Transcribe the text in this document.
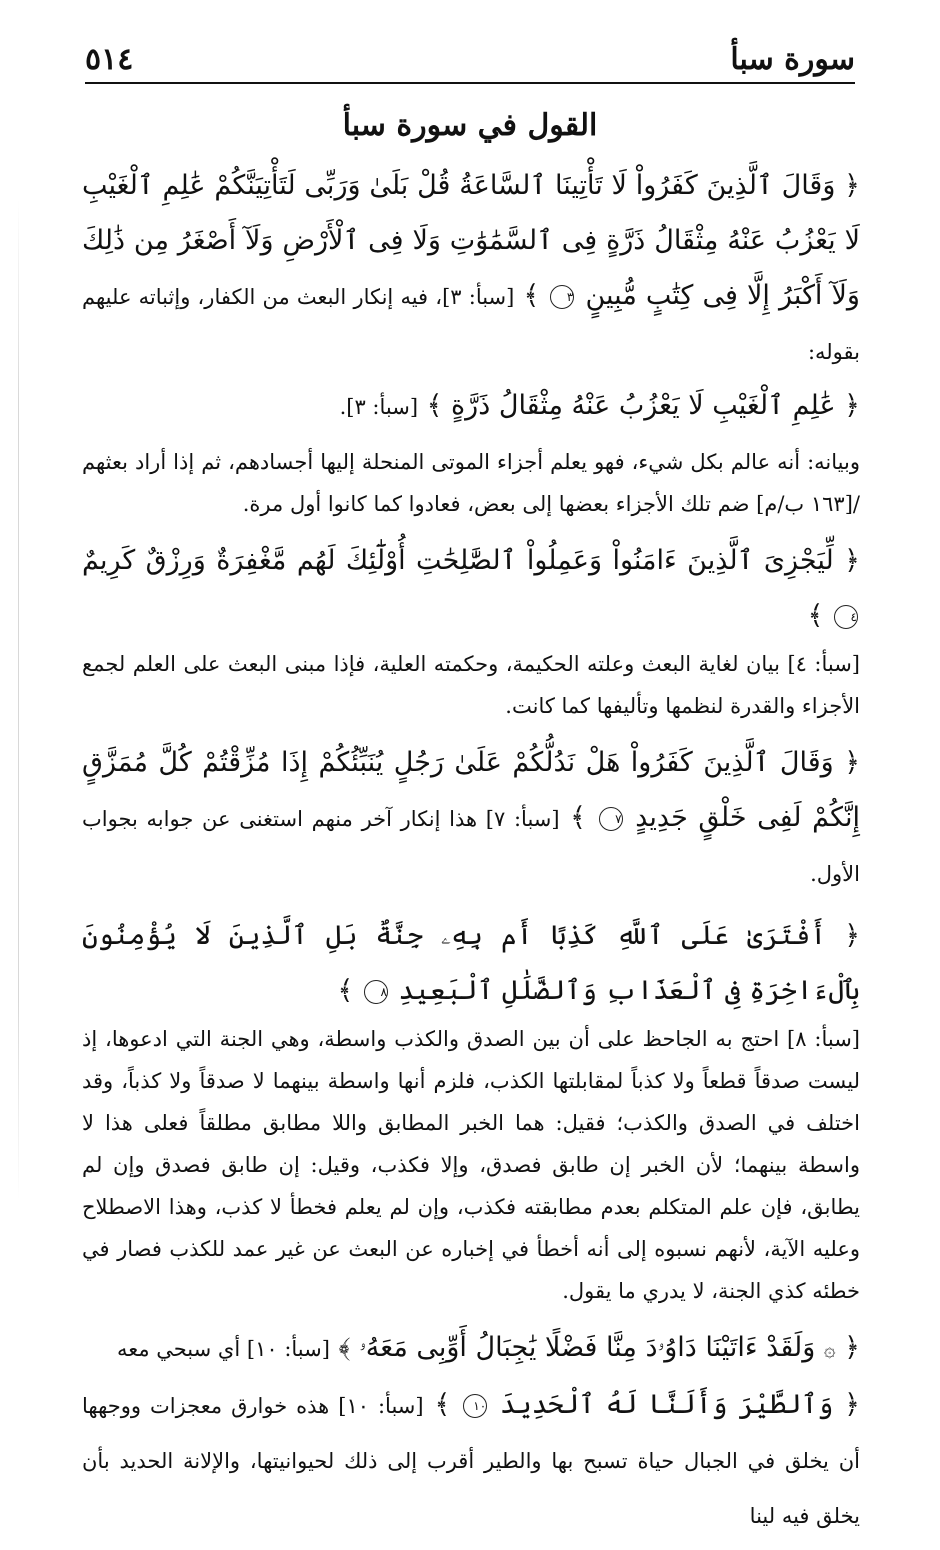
سورة سبأ
٥١٤
القول في سورة سبأ
﴿ وَقَالَ ٱلَّذِينَ كَفَرُواْ لَا تَأْتِينَا ٱلسَّاعَةُ قُلْ بَلَىٰ وَرَبِّى لَتَأْتِيَنَّكُمْ عَٰلِمِ ٱلْغَيْبِ لَا يَعْزُبُ عَنْهُ مِثْقَالُ ذَرَّةٍ فِى ٱلسَّمَٰوَٰتِ وَلَا فِى ٱلْأَرْضِ وَلَآ أَصْغَرُ مِن ذَٰلِكَ وَلَآ أَكْبَرُ إِلَّا فِى كِتَٰبٍ مُّبِينٍ ٣ ﴾ [سبأ: ٣]، فيه إنكار البعث من الكفار، وإثباته عليهم بقوله:
﴿ عَٰلِمِ ٱلْغَيْبِ لَا يَعْزُبُ عَنْهُ مِثْقَالُ ذَرَّةٍ ﴾ [سبأ: ٣].
وبيانه: أنه عالم بكل شيء، فهو يعلم أجزاء الموتى المنحلة إليها أجسادهم، ثم إذا أراد بعثهم /[١٦٣ ب/م] ضم تلك الأجزاء بعضها إلى بعض، فعادوا كما كانوا أول مرة.
﴿ لِّيَجْزِىَ ٱلَّذِينَ ءَامَنُواْ وَعَمِلُواْ ٱلصَّٰلِحَٰتِ أُوْلَٰٓئِكَ لَهُم مَّغْفِرَةٌ وَرِزْقٌ كَرِيمٌ ٤ ﴾
[سبأ: ٤] بيان لغاية البعث وعلته الحكيمة، وحكمته العلية، فإذا مبنى البعث على العلم لجمع الأجزاء والقدرة لنظمها وتأليفها كما كانت.
﴿ وَقَالَ ٱلَّذِينَ كَفَرُواْ هَلْ نَدُلُّكُمْ عَلَىٰ رَجُلٍ يُنَبِّئُكُمْ إِذَا مُزِّقْتُمْ كُلَّ مُمَزَّقٍ إِنَّكُمْ لَفِى خَلْقٍ جَدِيدٍ ٧ ﴾ [سبأ: ٧] هذا إنكار آخر منهم استغنى عن جوابه بجواب الأول.
﴿ أَفْتَرَىٰ عَلَى ٱللَّهِ كَذِبًا أَم بِهِۦ جِنَّةٌ بَلِ ٱلَّذِينَ لَا يُؤْمِنُونَ بِٱلْءَاخِرَةِ فِى ٱلْعَذَابِ وَٱلضَّلَٰلِ ٱلْبَعِيدِ ٨ ﴾
[سبأ: ٨] احتج به الجاحظ على أن بين الصدق والكذب واسطة، وهي الجنة التي ادعوها، إذ ليست صدقاً قطعاً ولا كذباً لمقابلتها الكذب، فلزم أنها واسطة بينهما لا صدقاً ولا كذباً، وقد اختلف في الصدق والكذب؛ فقيل: هما الخبر المطابق واللا مطابق مطلقاً فعلى هذا لا واسطة بينهما؛ لأن الخبر إن طابق فصدق، وإلا فكذب، وقيل: إن طابق فصدق وإن لم يطابق، فإن علم المتكلم بعدم مطابقته فكذب، وإن لم يعلم فخطأ لا كذب، وهذا الاصطلاح وعليه الآية، لأنهم نسبوه إلى أنه أخطأ في إخباره عن البعث عن غير عمد للكذب فصار في خطئه كذي الجنة، لا يدري ما يقول.
﴿ ۞ وَلَقَدْ ءَاتَيْنَا دَاوُۥدَ مِنَّا فَضْلًا يَٰجِبَالُ أَوِّبِى مَعَهُۥ ﴾ [سبأ: ١٠] أي سبحي معه
﴿ وَٱلطَّيْرَ وَأَلَنَّا لَهُ ٱلْحَدِيدَ ١٠ ﴾ [سبأ: ١٠] هذه خوارق معجزات ووجهها أن يخلق في الجبال حياة تسبح بها والطير أقرب إلى ذلك لحيوانيتها، والإلانة الحديد بأن يخلق فيه لينا
